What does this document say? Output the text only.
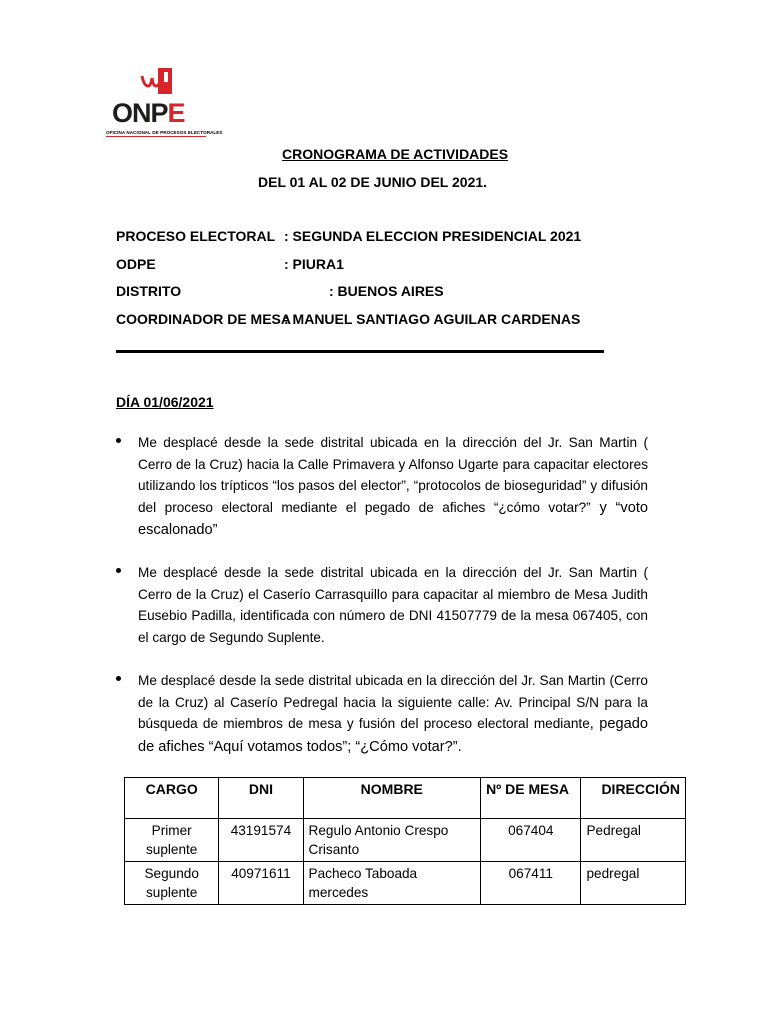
ONPE
OFICINA NACIONAL DE PROCESOS ELECTORALES
CRONOGRAMA DE ACTIVIDADES
DEL 01 AL 02 DE JUNIO DEL 2021.
PROCESO ELECTORAL : SEGUNDA ELECCION PRESIDENCIAL 2021
ODPE	: PIURA1
DISTRITO	: BUENOS AIRES
COORDINADOR DE MESA
: MANUEL SANTIAGO AGUILAR CARDENAS
DÍA 01/06/2021
Me desplacé desde la sede distrital ubicada en la dirección del Jr. San Martin ( Cerro de la Cruz) hacia la Calle Primavera y Alfonso Ugarte para capacitar electores utilizando los trípticos “los pasos del elector”, “protocolos de bioseguridad” y difusión del proceso electoral mediante el pegado de afiches “¿cómo votar?” y “voto escalonado”
Me desplacé desde la sede distrital ubicada en la dirección del Jr. San Martin ( Cerro de la Cruz) el Caserío Carrasquillo para capacitar al miembro de Mesa Judith Eusebio Padilla, identificada con número de DNI 41507779 de la mesa 067405, con el cargo de Segundo Suplente.
Me desplacé desde la sede distrital ubicada en la dirección del Jr. San Martin (Cerro de la Cruz) al Caserío Pedregal hacia la siguiente calle: Av. Principal S/N para la búsqueda de miembros de mesa y fusión del proceso electoral mediante, pegado de afiches “Aquí votamos todos”; “¿Cómo votar?”.
CARGO	DNI	NOMBRE	Nº DE MESA	DIRECCIÓN
Primer suplente	43191574	Regulo Antonio Crespo Crisanto	067404	Pedregal
Segundo suplente	40971611	Pacheco Taboada mercedes	067411	pedregal
